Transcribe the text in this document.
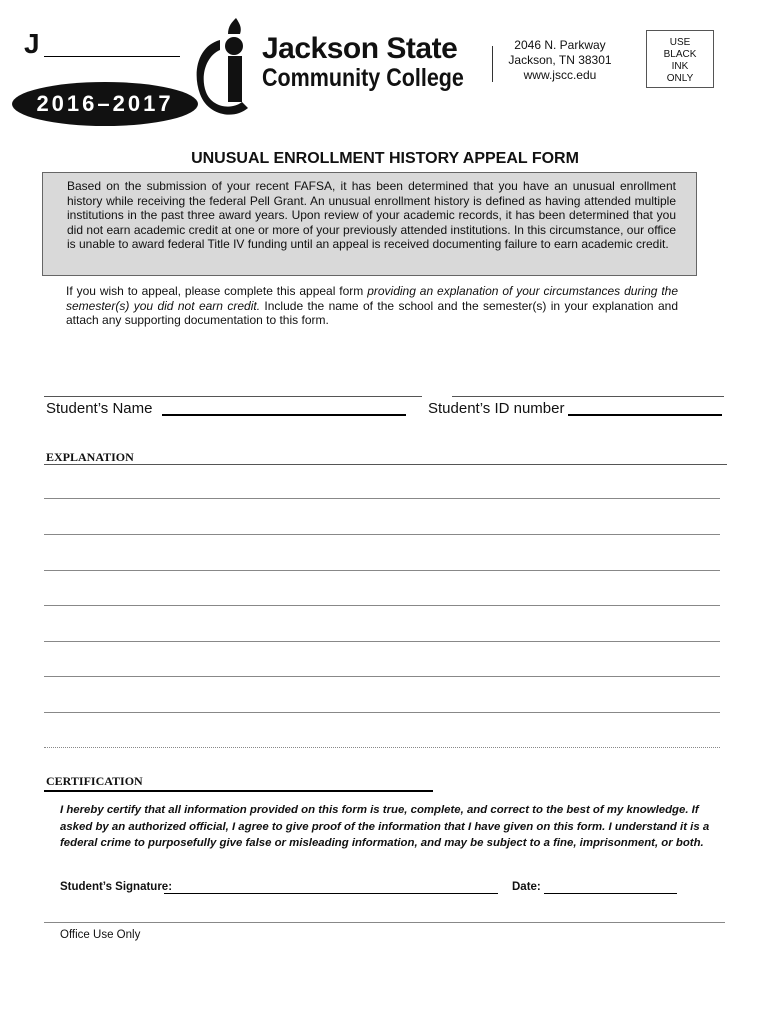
J
2016–2017
Jackson State
Community College
2046 N. Parkway
Jackson, TN 38301
www.jscc.edu
USE
BLACK
INK
ONLY
UNUSUAL ENROLLMENT HISTORY APPEAL FORM
Based on the submission of your recent FAFSA, it has been determined that you have an unusual enrollment history while receiving the federal Pell Grant. An unusual enrollment history is defined as having attended multiple institutions in the past three award years. Upon review of your academic records, it has been determined that you did not earn academic credit at one or more of your previously attended institutions. In this circumstance, our office is unable to award federal Title IV funding until an appeal is received documenting failure to earn academic credit.
If you wish to appeal, please complete this appeal form providing an explanation of your circumstances during the semester(s) you did not earn credit. Include the name of the school and the semester(s) in your explanation and attach any supporting documentation to this form.
Student’s Name	Student’s ID number
EXPLANATION
CERTIFICATION
I hereby certify that all information provided on this form is true, complete, and correct to the best of my knowledge. If asked by an authorized official, I agree to give proof of the information that I have given on this form. I understand it is a federal crime to purposefully give false or misleading information, and may be subject to a fine, imprisonment, or both.
Student’s Signature:	Date:
Office Use Only
